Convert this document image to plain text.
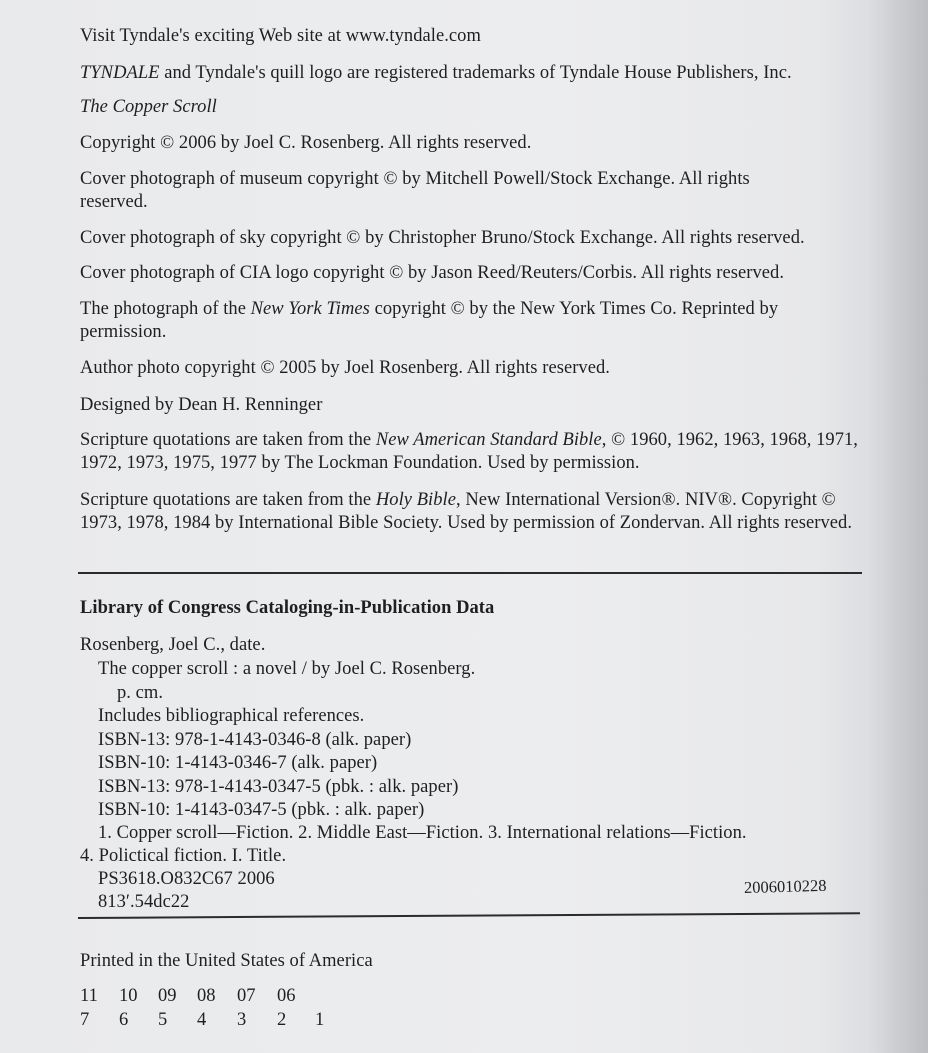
Visit Tyndale's exciting Web site at www.tyndale.com
TYNDALE and Tyndale's quill logo are registered trademarks of Tyndale House Publishers, Inc.
The Copper Scroll
Copyright © 2006 by Joel C. Rosenberg. All rights reserved.
Cover photograph of museum copyright © by Mitchell Powell/Stock Exchange. All rights reserved.
Cover photograph of sky copyright © by Christopher Bruno/Stock Exchange. All rights reserved.
Cover photograph of CIA logo copyright © by Jason Reed/Reuters/Corbis. All rights reserved.
The photograph of the New York Times copyright © by the New York Times Co. Reprinted by permission.
Author photo copyright © 2005 by Joel Rosenberg. All rights reserved.
Designed by Dean H. Renninger
Scripture quotations are taken from the New American Standard Bible, © 1960, 1962, 1963, 1968, 1971, 1972, 1973, 1975, 1977 by The Lockman Foundation. Used by permission.
Scripture quotations are taken from the Holy Bible, New International Version®. NIV®. Copyright © 1973, 1978, 1984 by International Bible Society. Used by permission of Zondervan. All rights reserved.
Library of Congress Cataloging-in-Publication Data
Rosenberg, Joel C., date.
The copper scroll : a novel / by Joel C. Rosenberg.
p. cm.
Includes bibliographical references.
ISBN-13: 978-1-4143-0346-8 (alk. paper)
ISBN-10: 1-4143-0346-7 (alk. paper)
ISBN-13: 978-1-4143-0347-5 (pbk. : alk. paper)
ISBN-10: 1-4143-0347-5 (pbk. : alk. paper)
1. Copper scroll—Fiction. 2. Middle East—Fiction. 3. International relations—Fiction.
4. Polictical fiction. I. Title.
PS3618.O832C67 2006
813′.54dc22
2006010228
Printed in the United States of America
11 10 09 08 07 06
7 6 5 4 3 2 1
